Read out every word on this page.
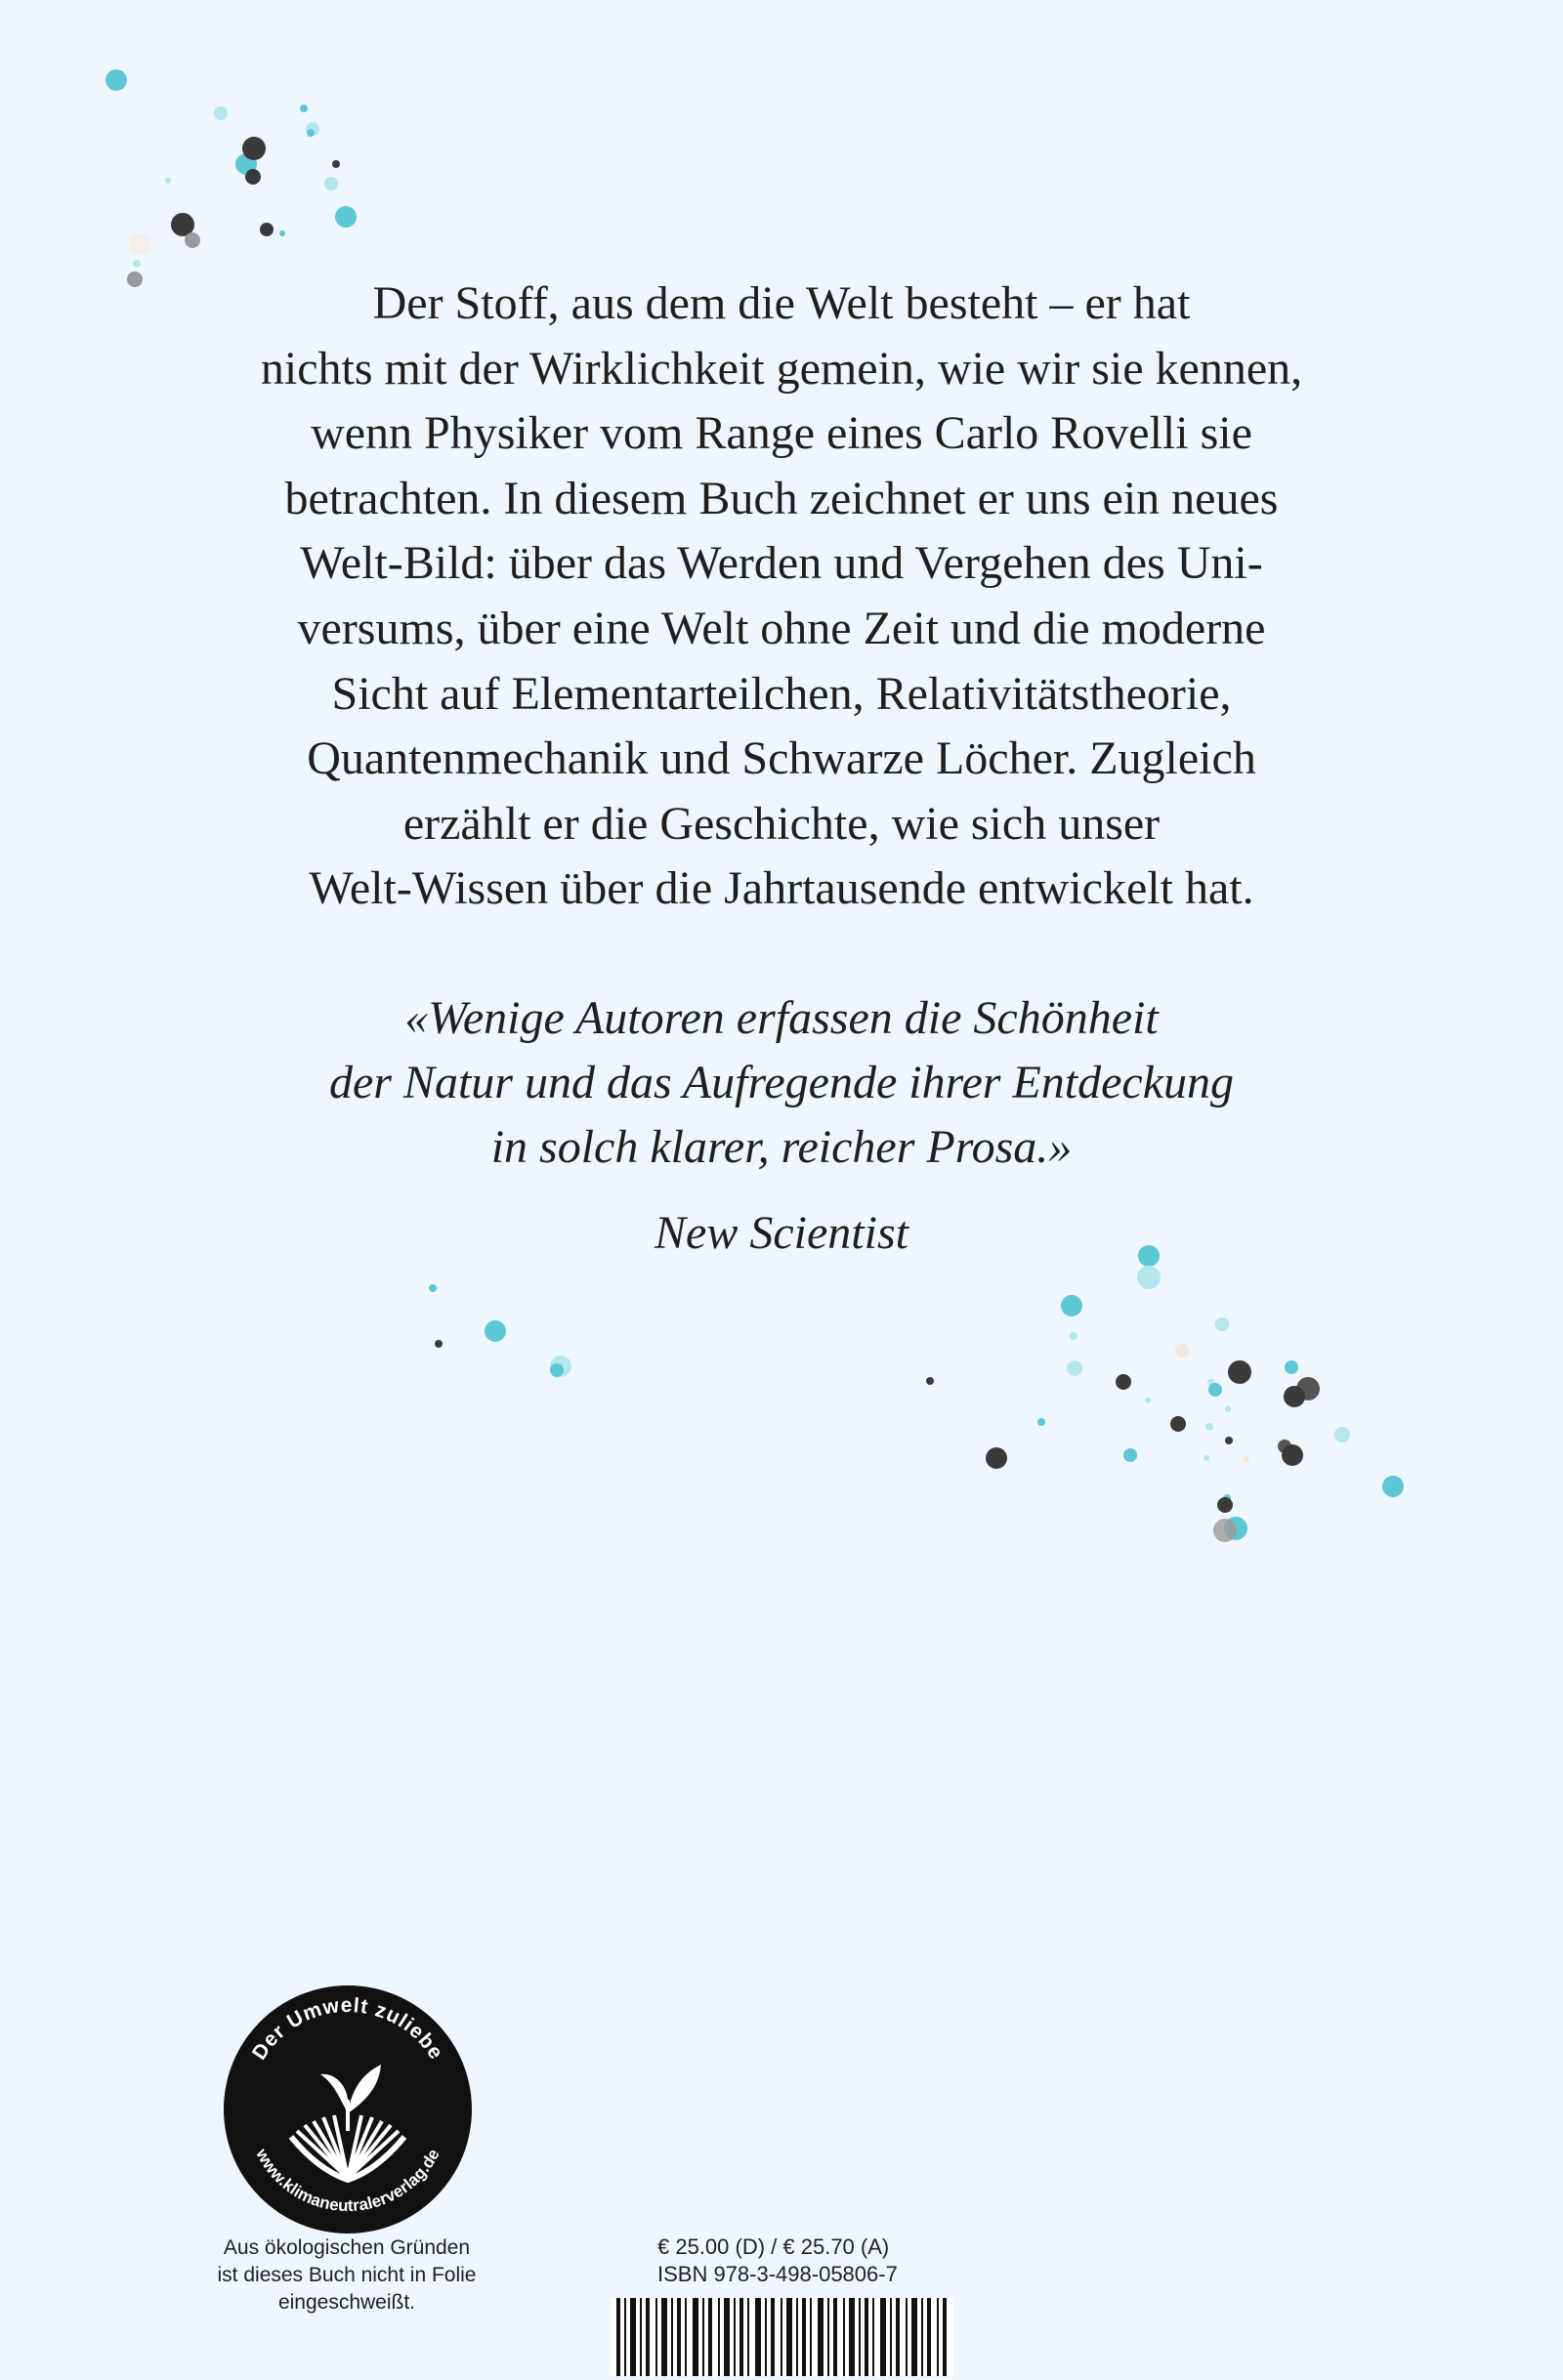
Der Stoff, aus dem die Welt besteht – er hat
nichts mit der Wirklichkeit gemein, wie wir sie kennen,
wenn Physiker vom Range eines Carlo Rovelli sie
betrachten. In diesem Buch zeichnet er uns ein neues
Welt-Bild: über das Werden und Vergehen des Uni-
versums, über eine Welt ohne Zeit und die moderne
Sicht auf Elementarteilchen, Relativitätstheorie,
Quantenmechanik und Schwarze Löcher. Zugleich
erzählt er die Geschichte, wie sich unser
Welt-Wissen über die Jahrtausende entwickelt hat.
«Wenige Autoren erfassen die Schönheit
der Natur und das Aufregende ihrer Entdeckung
in solch klarer, reicher Prosa.»
New Scientist
Der Umwelt zuliebe
www.klimaneutralerverlag.de
Aus ökologischen Gründen
ist dieses Buch nicht in Folie
eingeschweißt.
€ 25.00 (D) / € 25.70 (A)
ISBN 978-3-498-05806-7
